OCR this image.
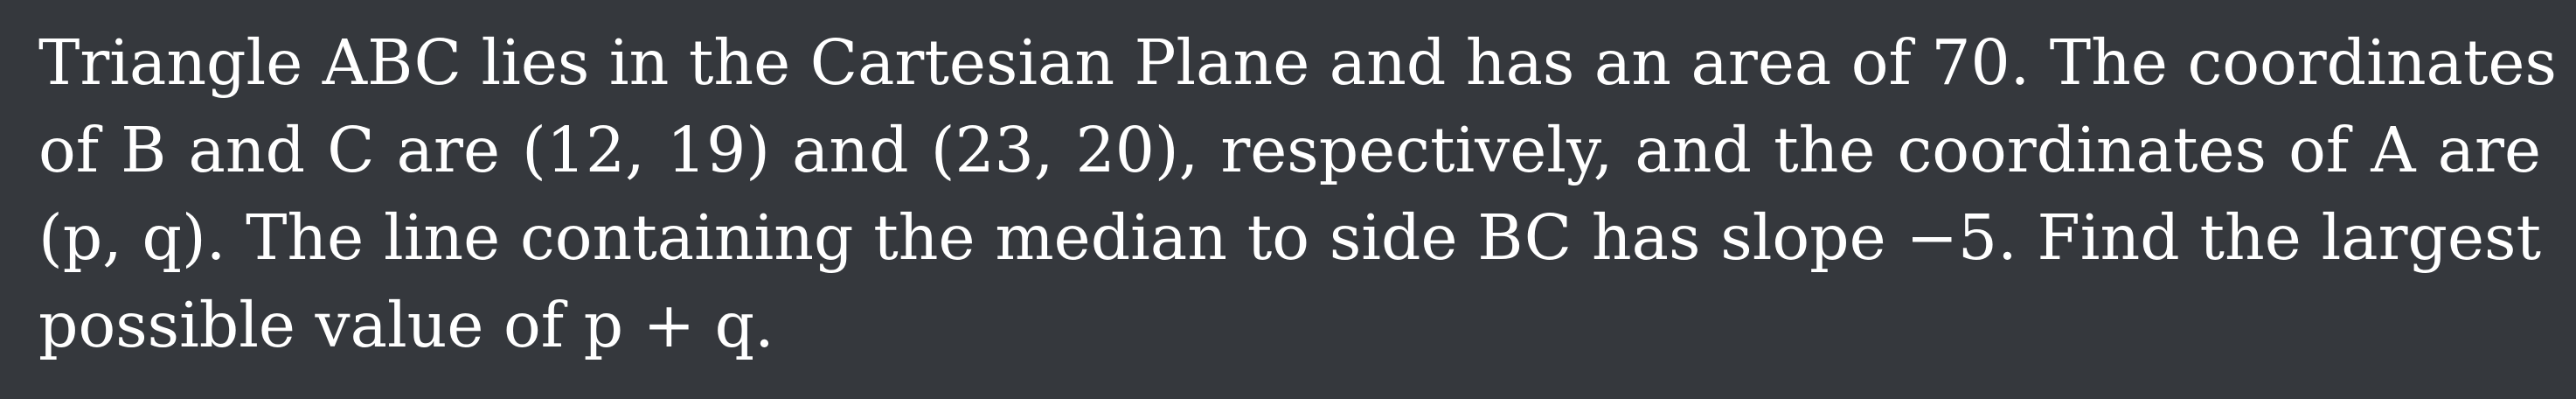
Triangle ABC lies in the Cartesian Plane and has an area of 70. The coordinates
of B and C are (12, 19) and (23, 20), respectively, and the coordinates of A are
(p, q). The line containing the median to side BC has slope −5. Find the largest
possible value of p + q.
